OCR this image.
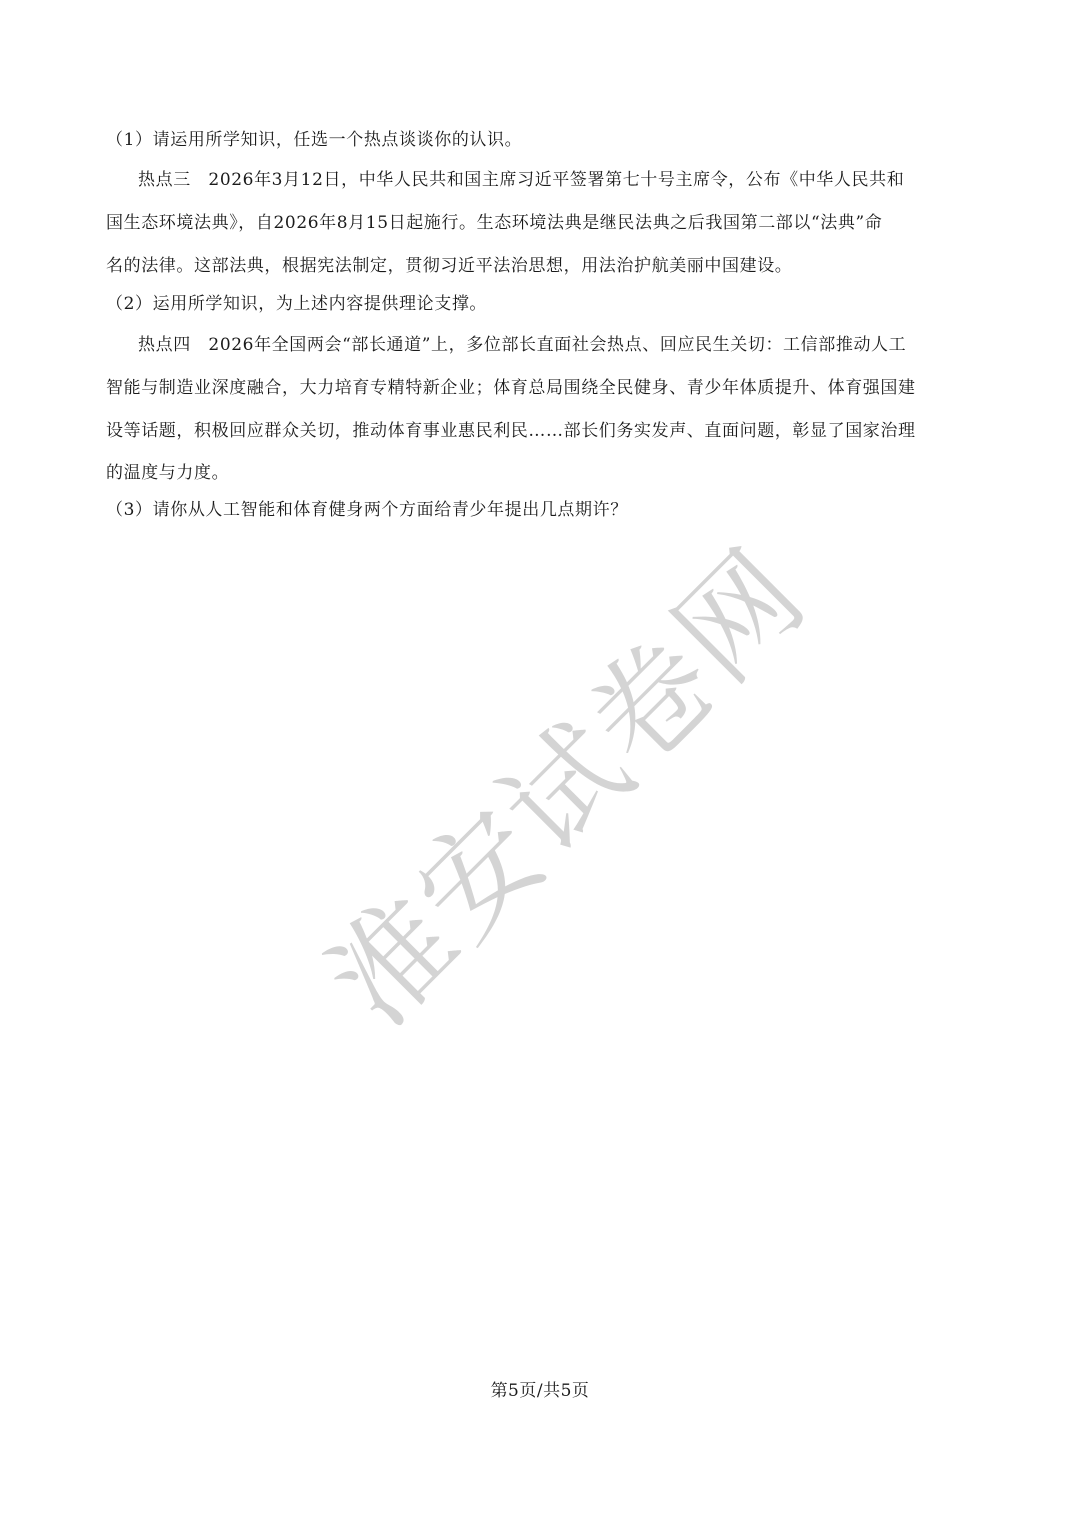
（1）请运用所学知识，任选一个热点谈谈你的认识。
热点三　2026年3月12日，中华人民共和国主席习近平签署第七十号主席令，公布《中华人民共和
国生态环境法典》，自2026年8月15日起施行。生态环境法典是继民法典之后我国第二部以“法典”命
名的法律。这部法典，根据宪法制定，贯彻习近平法治思想，用法治护航美丽中国建设。
（2）运用所学知识，为上述内容提供理论支撑。
热点四　2026年全国两会“部长通道”上，多位部长直面社会热点、回应民生关切：工信部推动人工
智能与制造业深度融合，大力培育专精特新企业；体育总局围绕全民健身、青少年体质提升、体育强国建
设等话题，积极回应群众关切，推动体育事业惠民利民……部长们务实发声、直面问题，彰显了国家治理
的温度与力度。
（3）请你从人工智能和体育健身两个方面给青少年提出几点期许？
淮安试卷网
第5页/共5页
